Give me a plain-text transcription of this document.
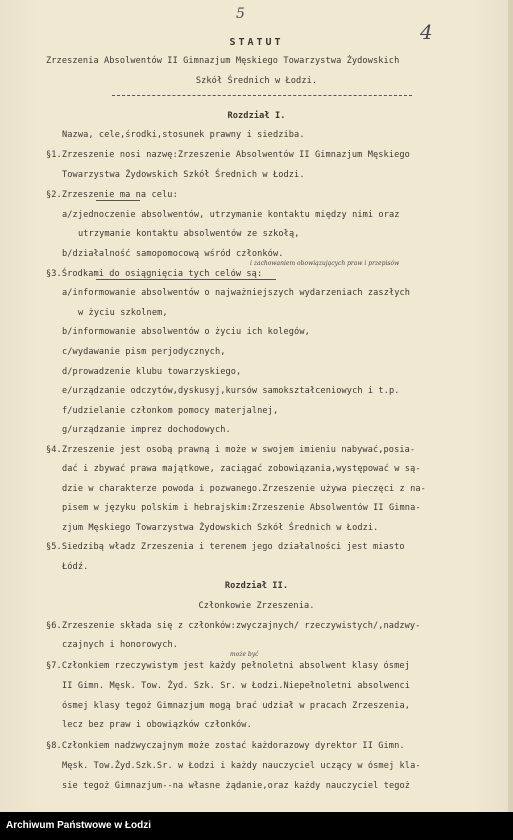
5
4
STATUT
Zrzeszenia Absolwentów II Gimnazjum Męskiego Towarzystwa Żydowskich
Szkół Średnich w Łodzi.
Rozdział I.
Nazwa, cele,środki,stosunek prawny i siedziba.
§1.Zrzeszenie nosi nazwę:Zrzeszenie Absolwentów II Gimnazjum Męskiego
Towarzystwa Żydowskich Szkół Średnich w Łodzi.
§2.Zrzeszenie ma na celu:
a/zjednoczenie absolwentów, utrzymanie kontaktu między nimi oraz
utrzymanie kontaktu absolwentów ze szkołą,
b/działalność samopomocową wśród członków.
§3.Środkami do osiągnięcia tych celów są:
a/informowanie absolwentów o najważniejszych wydarzeniach zaszłych
w życiu szkolnem,
b/informowanie absolwentów o życiu ich kolegów,
c/wydawanie pism perjodycznych,
d/prowadzenie klubu towarzyskiego,
e/urządzanie odczytów,dyskusyj,kursów samokształceniowych i t.p.
f/udzielanie członkom pomocy materjalnej,
g/urządzanie imprez dochodowych.
§4.Zrzeszenie jest osobą prawną i może w swojem imieniu nabywać,posia-
dać i zbywać prawa majątkowe, zaciągać zobowiązania,występować w są-
dzie w charakterze powoda i pozwanego.Zrzeszenie używa pieczęci z na-
pisem w języku polskim i hebrajskim:Zrzeszenie Absolwentów II Gimna-
zjum Męskiego Towarzystwa Żydowskich Szkół Średnich w Łodzi.
§5.Siedzibą władz Zrzeszenia i terenem jego działalności jest miasto
Łódź.
Rozdział II.
Członkowie Zrzeszenia.
§6.Zrzeszenie składa się z członków:zwyczajnych/ rzeczywistych/,nadzwy-
czajnych i honorowych.
§7.Członkiem rzeczywistym jest każdy pełnoletni absolwent klasy ósmej
II Gimn. Męsk. Tow. Żyd. Szk. Sr. w Łodzi.Niepełnoletni absolwenci
ósmej klasy tegoż Gimnazjum mogą brać udział w pracach Zrzeszenia,
lecz bez praw i obowiązków członków.
§8.Członkiem nadzwyczajnym może zostać każdorazowy dyrektor II Gimn.
Męsk. Tow.Żyd.Szk.Sr. w Łodzi i każdy nauczyciel uczący w ósmej kla-
sie tegoż Gimnazjum--na własne żądanie,oraz każdy nauczyciel tegoż
i zachowaniem obowiązujących praw i przepisów
może być
Archiwum Państwowe w Łodzi
